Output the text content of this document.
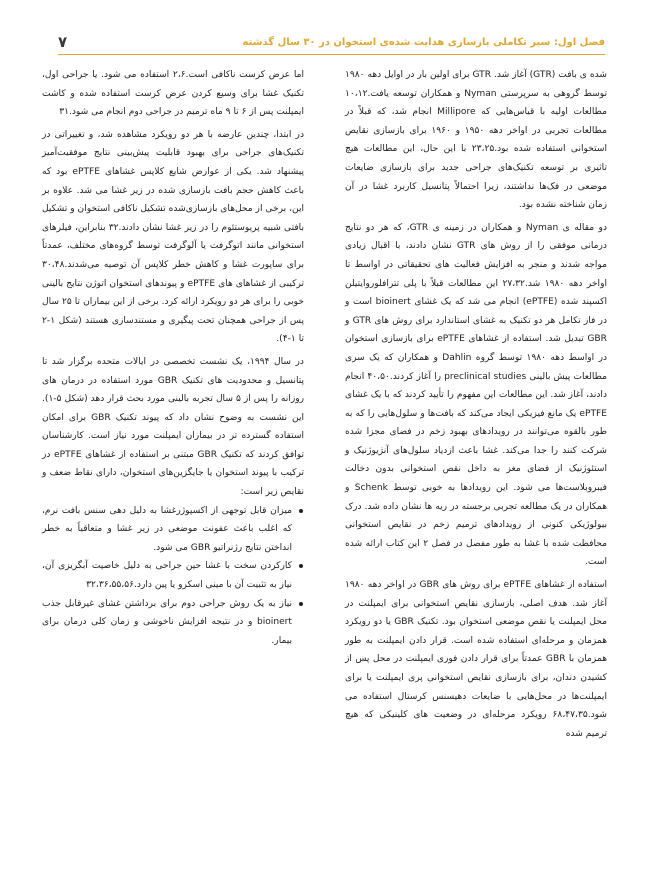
فصل اول: سیر تکاملی بازسازی هدایت شده‌ی استخوان در ۳۰ سال گذشته
۷

شده ی بافت (GTR) آغاز شد. GTR برای اولین بار در اوایل دهه ۱۹۸۰ توسط گروهی به سرپرستی Nyman و همکاران توسعه یافت.۱۰،۱۲ مطالعات اولیه با قیاس‌هایی که Millipore انجام شد، که قبلاً در مطالعات تجربی در اواخر دهه ۱۹۵۰ و ۱۹۶۰ برای بازسازی نقایص استخوانی استفاده شده بود.۲۳،۲۵ با این حال، این مطالعات هیچ تاثیری بر توسعه تکنیک‌های جراحی جدید برای بازسازی ضایعات موضعی در فک‌ها نداشتند، زیرا احتمالاً پتانسیل کاربرد غشا در آن زمان شناخته نشده بود.

دو مقاله ی Nyman و همکاران در زمینه ی GTR، که هر دو نتایج درمانی موفقی را از روش های GTR نشان دادند، با اقبال زیادی مواجه شدند و منجر به افزایش فعالیت های تحقیقاتی در اواسط تا اواخر دهه ۱۹۸۰ شد.۲۷،۳۲ این مطالعات قبلاً با پلی تترافلوروایتیلن اکسپند شده (ePTFE) انجام می شد که یک غشای bioinert است و در فاز تکامل هر دو تکنیک به غشای استاندارد برای روش های GTR و GBR تبدیل شد. استفاده از غشاهای ePTFE برای بازسازی استخوان در اواسط دهه ۱۹۸۰ توسط گروه Dahlin و همکاران که یک سری مطالعات پیش بالینی preclinical studies را آغاز کردند.۴۰،۵۰ انجام دادند، آغاز شد. این مطالعات این مفهوم را تأیید کردند که با یک غشای ePTFE یک مانع فیزیکی ایجاد می‌کند که بافت‌ها و سلول‌هایی را که به طور بالقوه می‌توانند در رویدادهای بهبود زخم در فضای مجزا شده شرکت کنند را جدا می‌کند. غشا باعث ازدیاد سلول‌های آنژیوژنیک و استئوژنیک از فضای مغز به داخل نقص استخوانی بدون دخالت فیبروبلاست‌ها می شود. این رویدادها به خوبی توسط Schenk و همکاران در یک مطالعه تجربی برجسته در ریه ها نشان داده شد. درک بیولوژیکی کنونی از رویدادهای ترمیم زخم در نقایص استخوانی محافظت شده با غشا به طور مفصل در فصل ۲ این کتاب ارائه شده است.

استفاده از غشاهای ePTFE برای روش های GBR در اواخر دهه ۱۹۸۰ آغاز شد. هدف اصلی، بازسازی نقایص استخوانی برای ایمپلنت در محل ایمپلنت یا نقص موضعی استخوان بود. تکنیک GBR یا دو رویکرد همزمان و مرحله‌ای استفاده شده است. قرار دادن ایمپلنت به طور همزمان با GBR عمدتاً برای قرار دادن فوری ایمپلنت در محل پس از کشیدن دندان، برای بازسازی نقایص استخوانی پری ایمپلنت یا برای ایمپلنت‌ها در محل‌هایی با ضایعات دهیسنس کرستال استفاده می شود.۶۸،۴۷،۳۵ رویکرد مرحله‌ای در وضعیت های کلینیکی که هیچ ترمیم شده

اما عرض کرست ناکافی است.۲،۶ استفاده می شود. یا جراحی اول، تکنیک غشا برای وسیع کردن عرض کرست استفاده شده و کاشت ایمپلنت پس از ۶ تا ۹ ماه ترمیم در جراحی دوم انجام می شود.۳۱

در ابتدا، چندین عارضه با هر دو رویکرد مشاهده شد، و تغییراتی در تکنیک‌های جراحی برای بهبود قابلیت پیش‌بینی نتایج موفقیت‌آمیز پیشنهاد شد. یکی از عوارض شایع کلاپس غشاهای ePTFE بود که باعث کاهش حجم بافت بازسازی شده در زیر غشا می شد. علاوه بر این، برخی از محل‌های بازسازی‌شده تشکیل ناکافی استخوان و تشکیل بافتی شبیه پریوستئوم را در زیر غشا نشان دادند.۳۲ بنابراین، فیلرهای استخوانی مانند اتوگرفت یا آلوگرفت توسط گروه‌های مختلف، عمدتاً برای ساپورت غشا و کاهش خطر کلاپس آن توصیه می‌شدند.۳۰،۴۸ ترکیبی از غشاهای های ePTFE و پیوندهای استخوان اتوژن نتایج بالینی خوبی را برای هر دو رویکرد ارائه کرد. برخی از این بیماران تا ۲۵ سال پس از جراحی همچنان تحت پیگیری و مستندسازی هستند (شکل ۱-۲ تا ۱-۴).

در سال ۱۹۹۴، یک نشست تخصصی در ایالات متحده برگزار شد تا پتانسیل و محدودیت های تکنیک GBR مورد استفاده در درمان های روزانه را پس از ۵ سال تجربه بالینی مورد بحث قرار دهد (شکل ۵-۱). این نشست به وضوح نشان داد که پیوند تکنیک GBR برای امکان استفاده گسترده تر در بیماران ایمپلنت مورد نیاز است. کارشناسان توافق کردند که تکنیک GBR مبتنی بر استفاده از غشاهای ePTFE در ترکیب با پیوند استخوان یا جایگزین‌های استخوان، دارای نقاط ضعف و نقایص زیر است:

میزان قابل توجهی از اکسپوژرغشا به دلیل دهی سنس بافت نرم، که اغلب باعث عفونت موضعی در زیر غشا و متعاقباً به خطر انداختن نتایج رژنراتیو GBR می شود.
کارکردن سخت با غشا حین جراحی به دلیل خاصیت آبگریزی آن، نیاز به تثبیت آن با مینی اسکرو یا پین دارد.۳۲،۳۶،۵۵،۵۶
نیاز به یک روش جراحی دوم برای برداشتن غشای غیرقابل جذب bioinert و در نتیجه افزایش ناخوشی و زمان کلی درمان برای بیمار.
